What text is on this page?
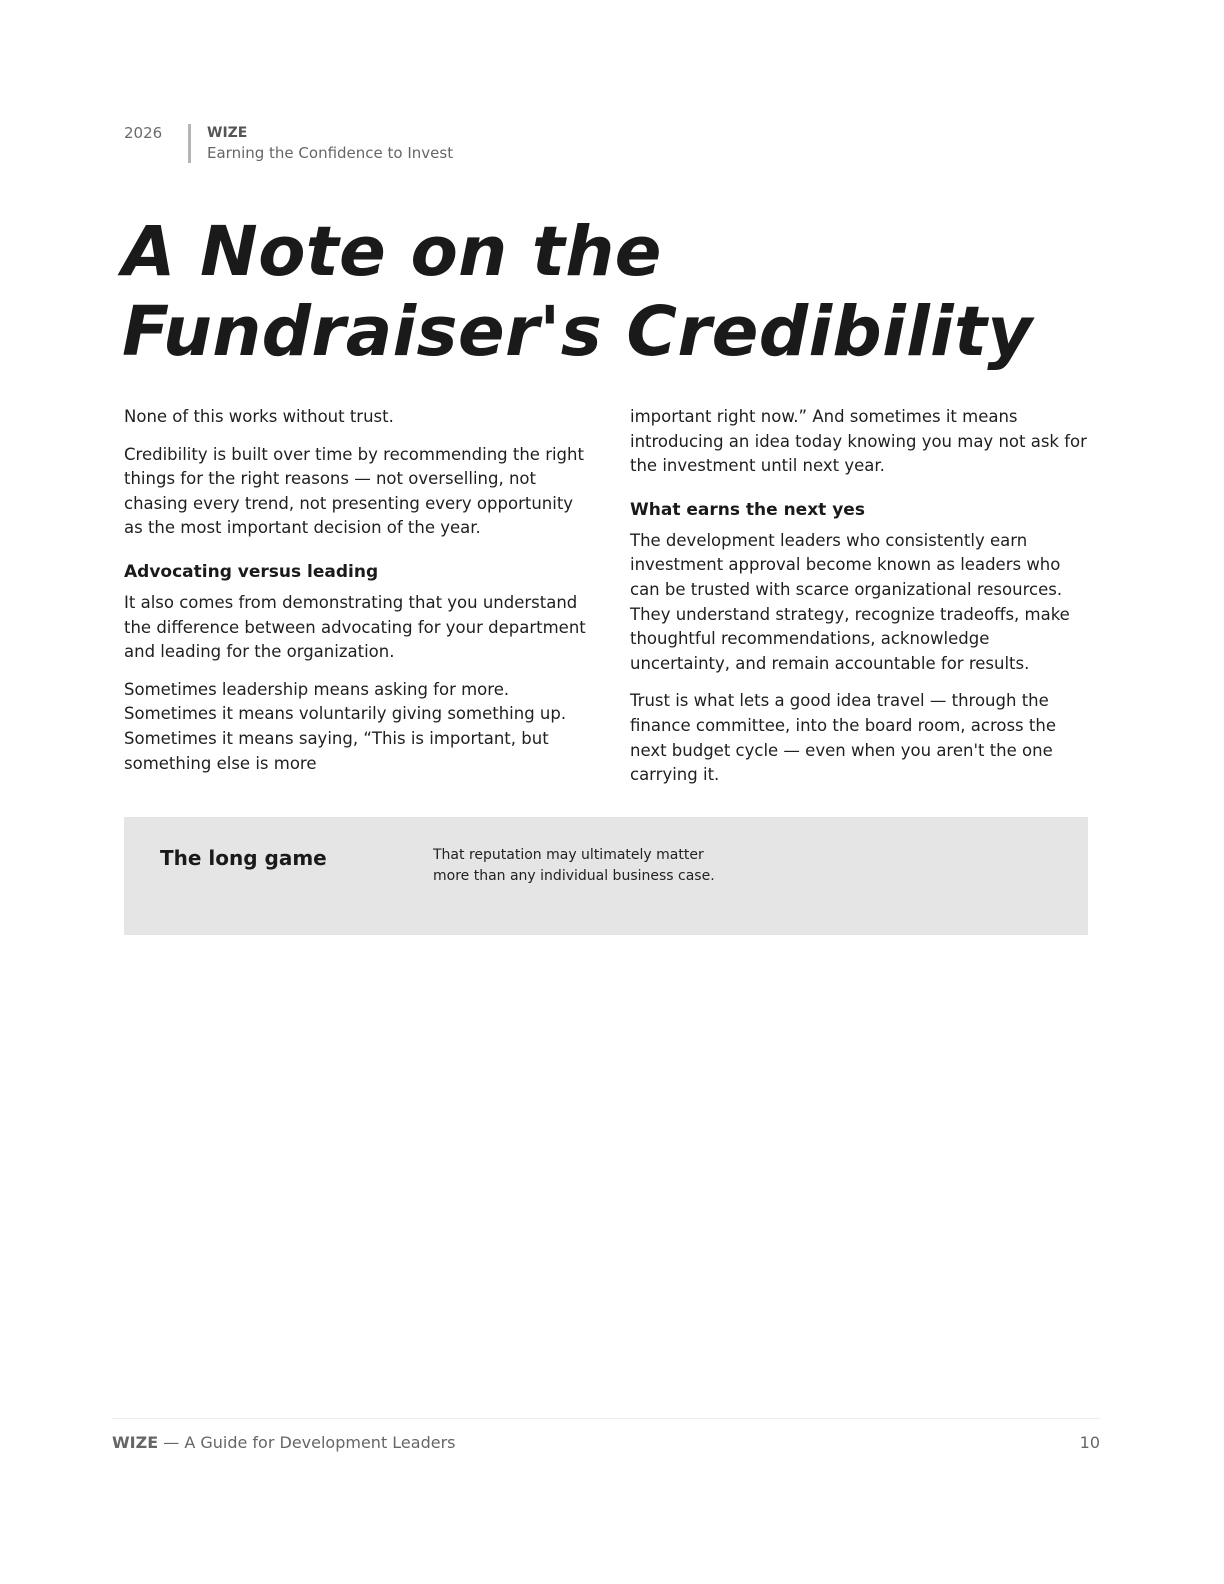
2026	WIZE
Earning the Confidence to Invest
A Note on the Fundraiser's Credibility

None of this works without trust.

Credibility is built over time by recommending the right things for the right reasons — not overselling, not chasing every trend, not presenting every opportunity as the most important decision of the year.

Advocating versus leading

It also comes from demonstrating that you understand the difference between advocating for your department and leading for the organization.

Sometimes leadership means asking for more. Sometimes it means voluntarily giving something up. Sometimes it means saying, “This is important, but something else is more

important right now.” And sometimes it means introducing an idea today knowing you may not ask for the investment until next year.

What earns the next yes

The development leaders who consistently earn investment approval become known as leaders who can be trusted with scarce organizational resources. They understand strategy, recognize tradeoffs, make thoughtful recommendations, acknowledge uncertainty, and remain accountable for results.

Trust is what lets a good idea travel — through the finance committee, into the board room, across the next budget cycle — even when you aren't the one carrying it.

The long game	That reputation may ultimately matter more than any individual business case.
WIZE — A Guide for Development Leaders	10
